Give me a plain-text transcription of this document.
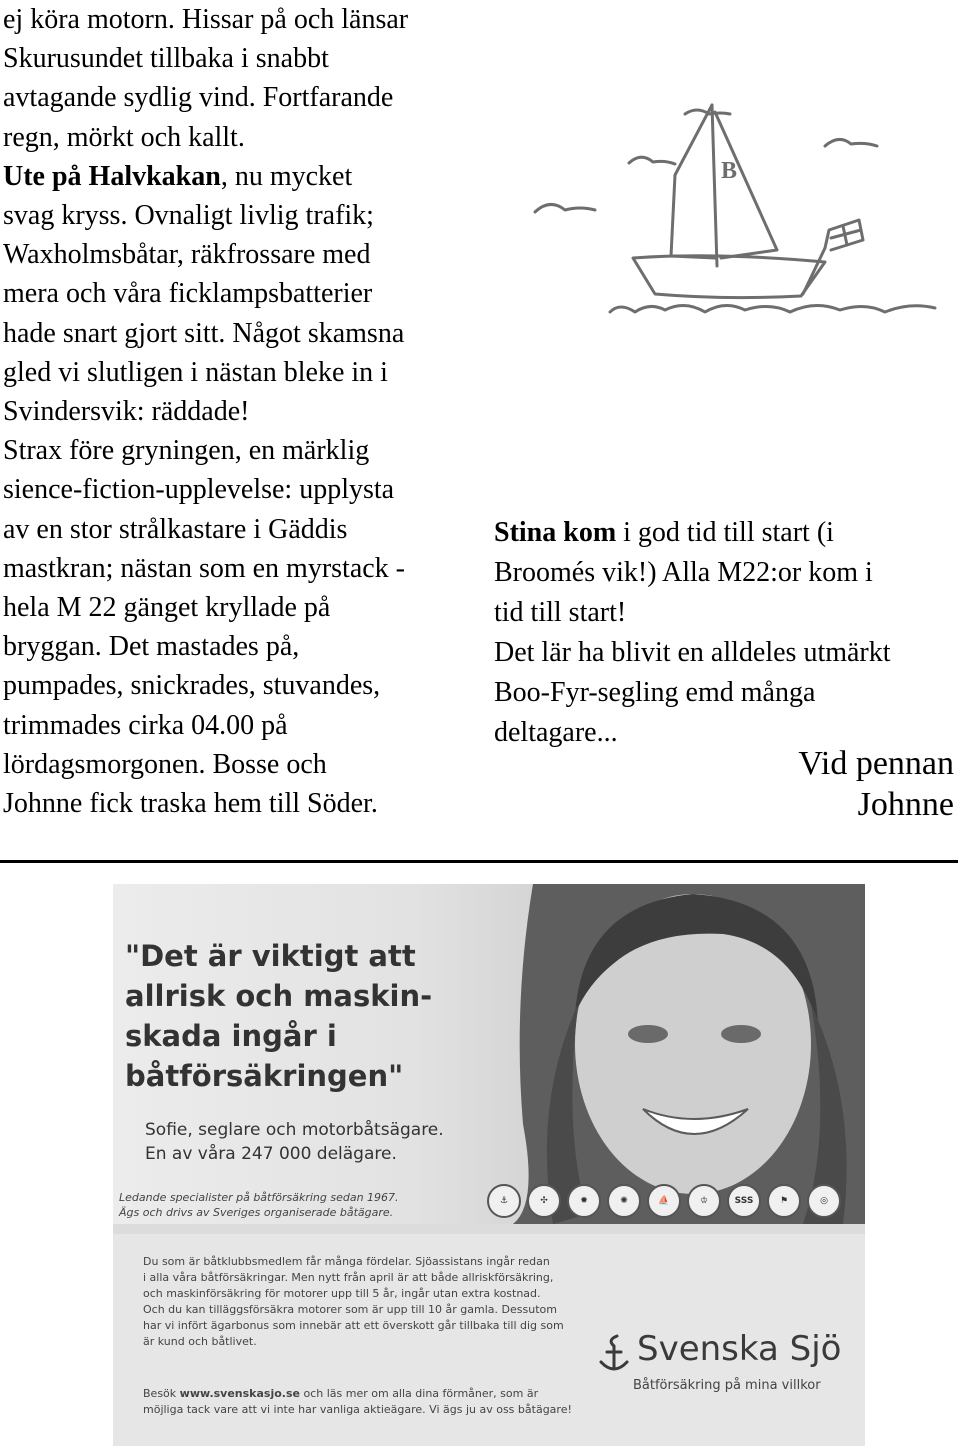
ej köra motorn. Hissar på och länsar
Skurusundet tillbaka i snabbt
avtagande sydlig vind. Fortfarande
regn, mörkt och kallt.
Ute på Halvkakan, nu mycket
svag kryss. Ovnaligt livlig trafik;
Waxholmsbåtar, räkfrossare med
mera och våra ficklampsbatterier
hade snart gjort sitt. Något skamsna
gled vi slutligen i nästan bleke in i
Svindersvik: räddade!
Strax före gryningen, en märklig
sience-fiction-upplevelse: upplysta
av en stor strålkastare i Gäddis
mastkran; nästan som en myrstack -
hela M 22 gänget kryllade på
bryggan. Det mastades på,
pumpades, snickrades, stuvandes,
trimmades cirka 04.00 på
lördagsmorgonen. Bosse och
Johnne fick traska hem till Söder.
B
Stina kom i god tid till start (i
Broomés vik!) Alla M22:or kom i
tid till start!
Det lär ha blivit en alldeles utmärkt
Boo-Fyr-segling emd många
deltagare...
Vid pennan
Johnne
"Det är viktigt att
allrisk och maskin-
skada ingår i
båtförsäkringen"
Sofie, seglare och motorbåtsägare.
En av våra 247 000 delägare.
Ledande specialister på båtförsäkring sedan 1967.
Ägs och drivs av Sveriges organiserade båtägare.
⚓	✣	✹	✺	⛵	♔	SSS	⚑	◎
Du som är båtklubbsmedlem får många fördelar. Sjöassistans ingår redan
i alla våra båtförsäkringar. Men nytt från april är att både allriskförsäkring,
och maskinförsäkring för motorer upp till 5 år, ingår utan extra kostnad.
Och du kan tilläggsförsäkra motorer som är upp till 10 år gamla. Dessutom
har vi infört ägarbonus som innebär att ett överskott går tillbaka till dig som
är kund och båtlivet.
Besök www.svenskasjo.se och läs mer om alla dina förmåner, som är
möjliga tack vare att vi inte har vanliga aktieägare. Vi ägs ju av oss båtägare!
Svenska Sjö
Båtförsäkring på mina villkor
